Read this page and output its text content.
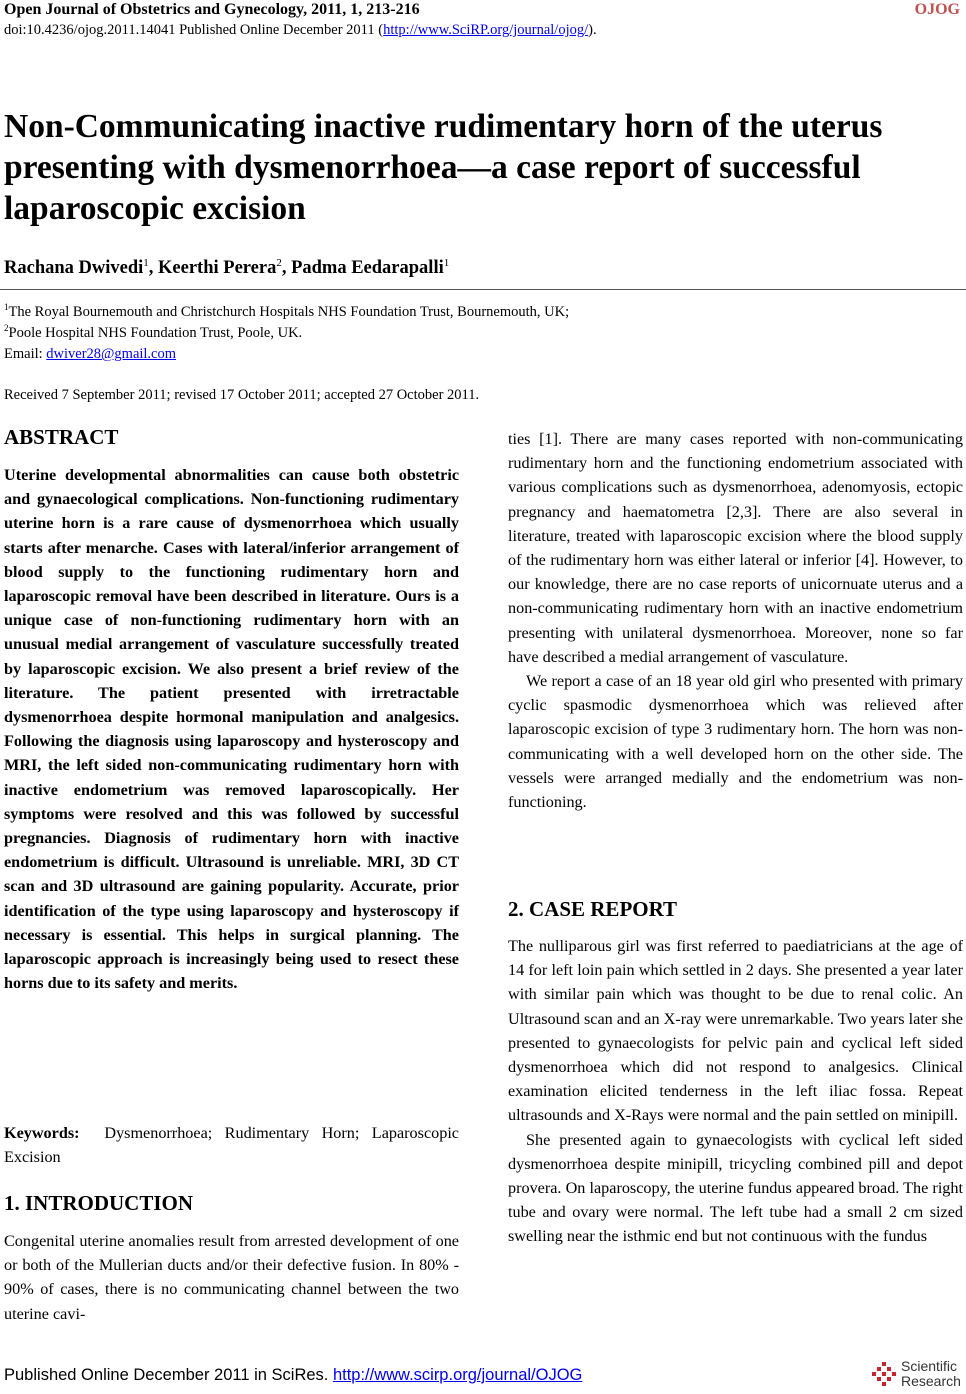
Open Journal of Obstetrics and Gynecology, 2011, 1, 213-216
doi:10.4236/ojog.2011.14041 Published Online December 2011 (http://www.SciRP.org/journal/ojog/).
OJOG
Non-Communicating inactive rudimentary horn of the uterus presenting with dysmenorrhoea—a case report of successful laparoscopic excision
Rachana Dwivedi$^1$, Keerthi Perera$^2$, Padma Eedarapalli$^1$
$^1$The Royal Bournemouth and Christchurch Hospitals NHS Foundation Trust, Bournemouth, UK;
$^2$Poole Hospital NHS Foundation Trust, Poole, UK.
Email: dwiver28@gmail.com
Received 7 September 2011; revised 17 October 2011; accepted 27 October 2011.
ABSTRACT
Uterine developmental abnormalities can cause both obstetric and gynaecological complications. Non-functioning rudimentary uterine horn is a rare cause of dysmenorrhoea which usually starts after menarche. Cases with lateral/inferior arrangement of blood supply to the functioning rudimentary horn and laparoscopic removal have been described in literature. Ours is a unique case of non-functioning rudimentary horn with an unusual medial arrangement of vasculature successfully treated by laparoscopic excision. We also present a brief review of the literature. The patient presented with irretractable dysmenorrhoea despite hormonal manipulation and analgesics. Following the diagnosis using laparoscopy and hysteroscopy and MRI, the left sided non-communicating rudimentary horn with inactive endometrium was removed laparoscopically. Her symptoms were resolved and this was followed by successful pregnancies. Diagnosis of rudimentary horn with inactive endometrium is difficult. Ultrasound is unreliable. MRI, 3D CT scan and 3D ultrasound are gaining popularity. Accurate, prior identification of the type using laparoscopy and hysteroscopy if necessary is essential. This helps in surgical planning. The laparoscopic approach is increasingly being used to resect these horns due to its safety and merits.

Keywords: Dysmenorrhoea; Rudimentary Horn; Laparoscopic Excision

1. INTRODUCTION

Congenital uterine anomalies result from arrested development of one or both of the Mullerian ducts and/or their defective fusion. In 80% - 90% of cases, there is no communicating channel between the two uterine cavi-

ties [1]. There are many cases reported with non-communicating rudimentary horn and the functioning endometrium associated with various complications such as dysmenorrhoea, adenomyosis, ectopic pregnancy and haematometra [2,3]. There are also several in literature, treated with laparoscopic excision where the blood supply of the rudimentary horn was either lateral or inferior [4]. However, to our knowledge, there are no case reports of unicornuate uterus and a non-communicating rudimentary horn with an inactive endometrium presenting with unilateral dysmenorrhoea. Moreover, none so far have described a medial arrangement of vasculature.

We report a case of an 18 year old girl who presented with primary cyclic spasmodic dysmenorrhoea which was relieved after laparoscopic excision of type 3 rudimentary horn. The horn was non-communicating with a well developed horn on the other side. The vessels were arranged medially and the endometrium was non-functioning.

2. CASE REPORT

The nulliparous girl was first referred to paediatricians at the age of 14 for left loin pain which settled in 2 days. She presented a year later with similar pain which was thought to be due to renal colic. An Ultrasound scan and an X-ray were unremarkable. Two years later she presented to gynaecologists for pelvic pain and cyclical left sided dysmenorrhoea which did not respond to analgesics. Clinical examination elicited tenderness in the left iliac fossa. Repeat ultrasounds and X-Rays were normal and the pain settled on minipill.

She presented again to gynaecologists with cyclical left sided dysmenorrhoea despite minipill, tricycling combined pill and depot provera. On laparoscopy, the uterine fundus appeared broad. The right tube and ovary were normal. The left tube had a small 2 cm sized swelling near the isthmic end but not continuous with the fundus

Published Online December 2011 in SciRes. http://www.scirp.org/journal/OJOG	Scientific
Research
